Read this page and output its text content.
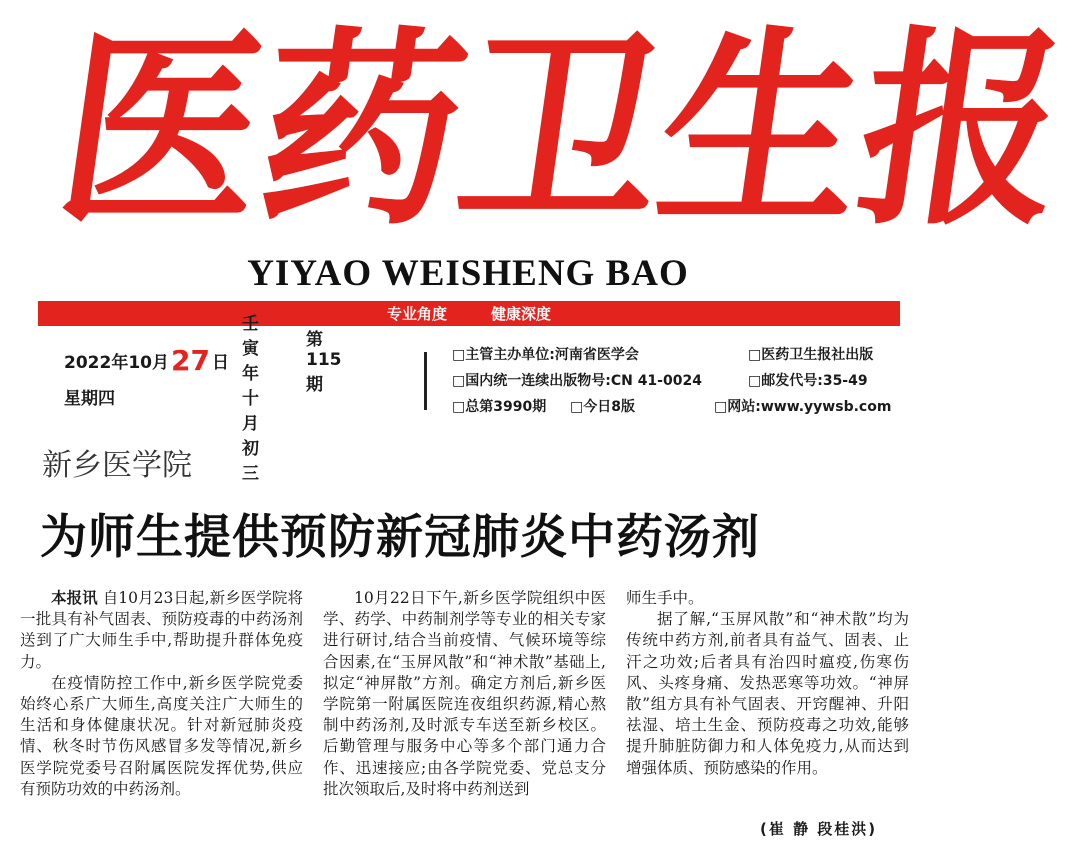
医
药
卫
生
报
YIYAO WEISHENG BAO
专业角度	健康深度
2022年10月 27 日
第115期
星期四
壬寅年十月初三
□主管主办单位:河南省医学会	□医药卫生报社出版
□国内统一连续出版物号:CN 41-0024	□邮发代号:35-49
□总第3990期 □今日8版	□网站:www.yywsb.com
新乡医学院
为师生提供预防新冠肺炎中药汤剂

本报讯 自10月23日起,新乡医学院将一批具有补气固表、预防疫毒的中药汤剂送到了广大师生手中,帮助提升群体免疫力。

在疫情防控工作中,新乡医学院党委始终心系广大师生,高度关注广大师生的生活和身体健康状况。针对新冠肺炎疫情、秋冬时节伤风感冒多发等情况,新乡医学院党委号召附属医院发挥优势,供应有预防功效的中药汤剂。

10月22日下午,新乡医学院组织中医学、药学、中药制剂学等专业的相关专家进行研讨,结合当前疫情、气候环境等综合因素,在“玉屏风散”和“神术散”基础上,拟定“神屏散”方剂。确定方剂后,新乡医学院第一附属医院连夜组织药源,精心熬制中药汤剂,及时派专车送至新乡校区。后勤管理与服务中心等多个部门通力合作、迅速接应;由各学院党委、党总支分批次领取后,及时将中药剂送到

师生手中。

据了解,“玉屏风散”和“神术散”均为传统中药方剂,前者具有益气、固表、止汗之功效;后者具有治四时瘟疫,伤寒伤风、头疼身痛、发热恶寒等功效。“神屏散”组方具有补气固表、开窍醒神、升阳祛湿、培土生金、预防疫毒之功效,能够提升肺脏防御力和人体免疫力,从而达到增强体质、预防感染的作用。

(崔 静 段桂洪)
